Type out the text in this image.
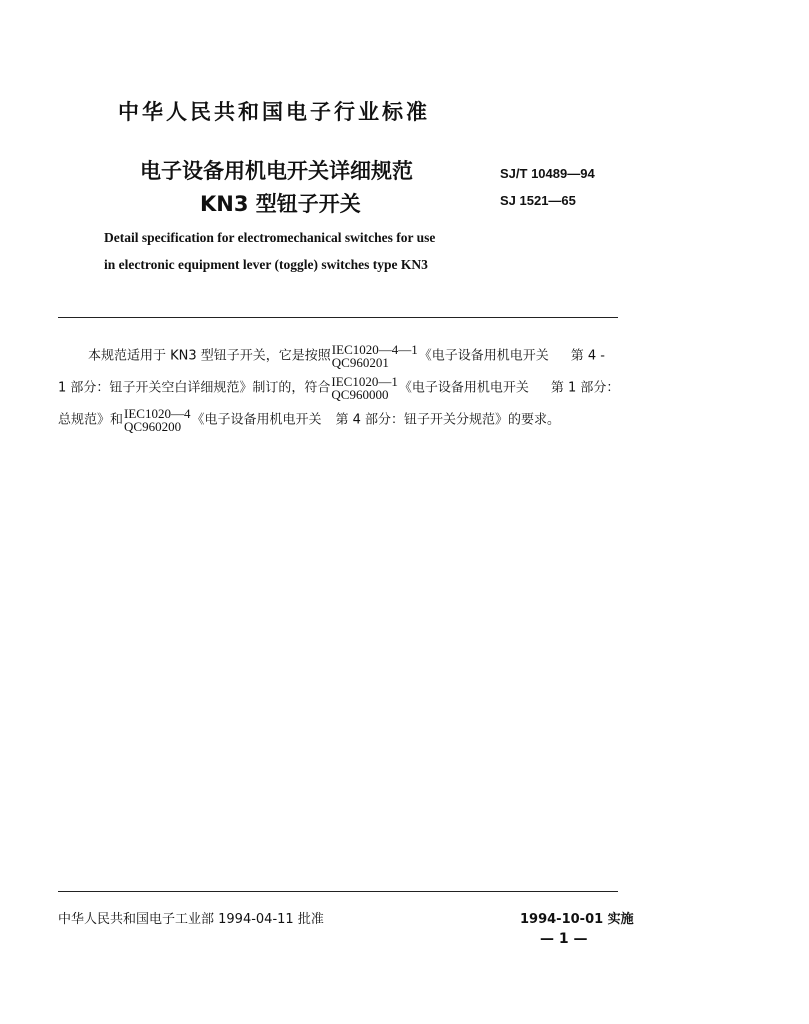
中华人民共和国电子行业标准
电子设备用机电开关详细规范
KN3 型钮子开关
SJ/T 10489—94
SJ 1521—65
Detail specification for electromechanical switches for use
in electronic equipment lever (toggle) switches type KN3
本规范适用于 KN3 型钮子开关，它是按照 IEC1020—4—1
QC960201	《电子设备用机电开关 第 4 -
1 部分：钮子开关空白详细规范》制订的，符合 IEC1020—1
QC960000 《电子设备用机电开关 第 1 部分：
总规范》和 IEC1020—4
QC960200 《电子设备用机电开关 第 4 部分：钮子开关分规范》的要求。
中华人民共和国电子工业部 1994-04-11 批准	1994-10-01 实施
— 1 —
